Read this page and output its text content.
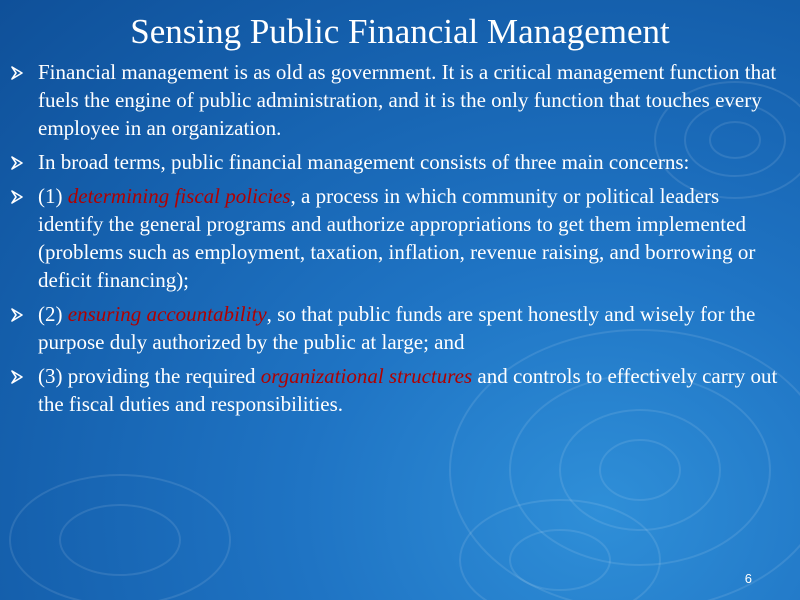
Sensing Public Financial Management
Financial management is as old as government. It is a critical management function that fuels the engine of public administration, and it is the only function that touches every employee in an organization.
In broad terms, public financial management consists of three main concerns:
(1) determining fiscal policies, a process in which community or political leaders identify the general programs and authorize appropriations to get them implemented (problems such as employment, taxation, inflation, revenue raising, and borrowing or deficit financing);
(2) ensuring accountability, so that public funds are spent honestly and wisely for the purpose duly authorized by the public at large; and
(3) providing the required organizational structures and controls to effectively carry out the fiscal duties and responsibilities.
6
